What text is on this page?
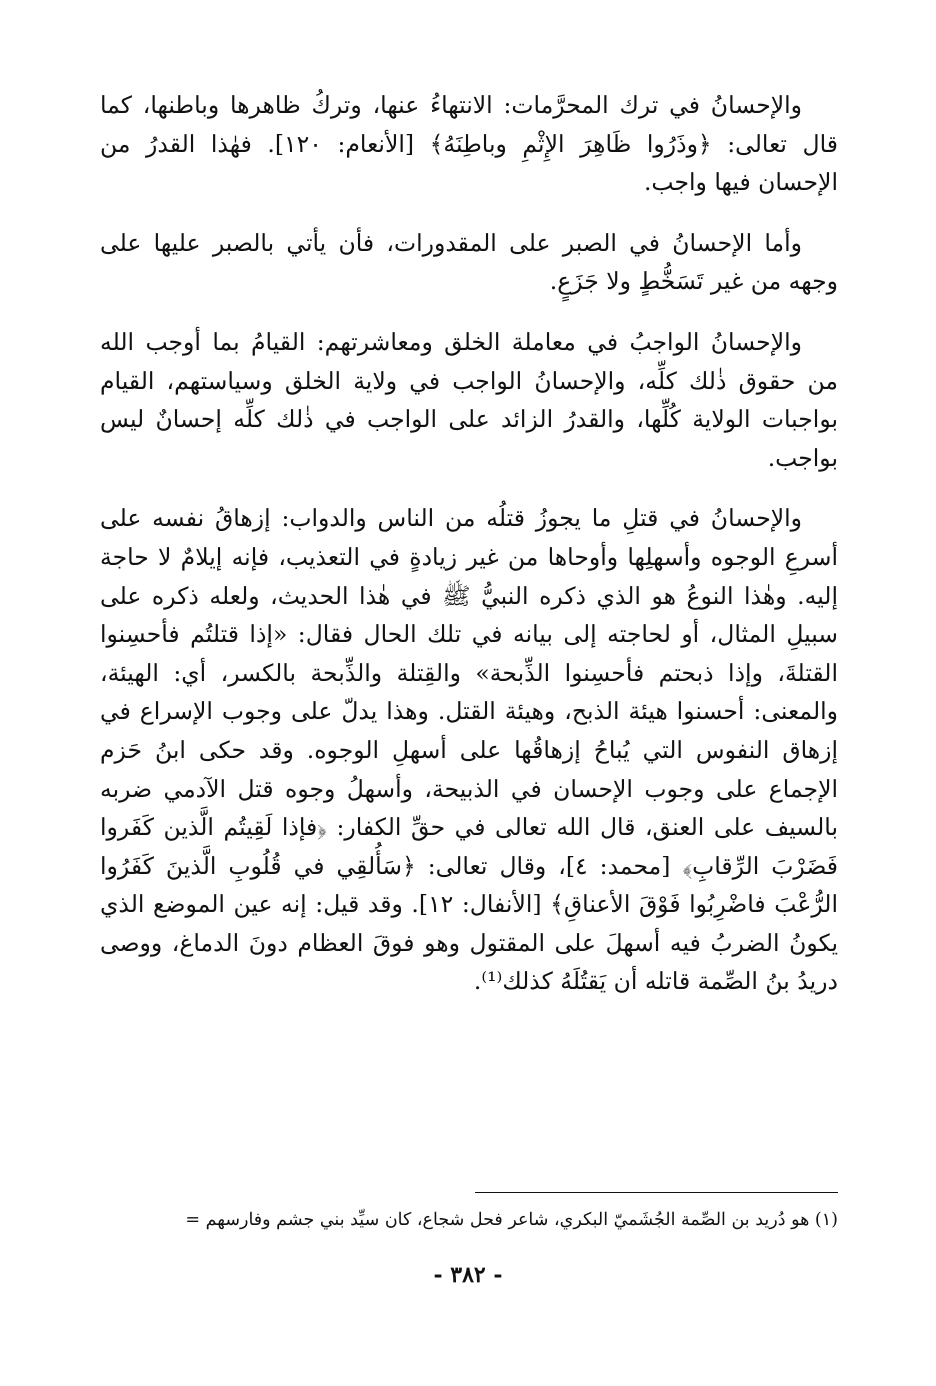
والإحسانُ في ترك المحرَّمات: الانتهاءُ عنها، وتركُ ظاهرها وباطنها، كما قال تعالى: ﴿وذَرُوا ظَاهِرَ الإِثْمِ وباطِنَهُ﴾ [الأنعام: ١٢٠]. فهٰذا القدرُ من الإحسان فيها واجب.

وأما الإحسانُ في الصبر على المقدورات، فأن يأتي بالصبر عليها على وجهه من غير تَسَخُّطٍ ولا جَزَعٍ.

والإحسانُ الواجبُ في معاملة الخلق ومعاشرتهم: القيامُ بما أوجب الله من حقوق ذٰلك كلِّه، والإحسانُ الواجب في ولاية الخلق وسياستهم، القيام بواجبات الولاية كُلِّها، والقدرُ الزائد على الواجب في ذٰلك كلِّه إحسانٌ ليس بواجب.

والإحسانُ في قتلِ ما يجوزُ قتلُه من الناس والدواب: إزهاقُ نفسه على أسرعِ الوجوه وأسهلِها وأوحاها من غير زيادةٍ في التعذيب، فإنه إيلامٌ لا حاجة إليه. وهٰذا النوعُ هو الذي ذكره النبيُّ ﷺ في هٰذا الحديث، ولعله ذكره على سبيلِ المثال، أو لحاجته إلى بيانه في تلك الحال فقال: «إذا قتلتُم فأحسِنوا القتلةَ، وإذا ذبحتم فأحسِنوا الذِّبحة» والقِتلة والذِّبحة بالكسر، أي: الهيئة، والمعنى: أحسنوا هيئة الذبح، وهيئة القتل. وهذا يدلّ على وجوب الإسراع في إزهاق النفوس التي يُباحُ إزهاقُها على أسهلِ الوجوه. وقد حكى ابنُ حَزم الإجماع على وجوب الإحسان في الذبيحة، وأسهلُ وجوه قتل الآدمي ضربه بالسيف على العنق، قال الله تعالى في حقِّ الكفار: ﴿فإذا لَقِيتُم الَّذين كَفَروا فَضَرْبَ الرِّقابِ﴾ [محمد: ٤]، وقال تعالى: ﴿سَأُلقِي في قُلُوبِ الَّذينَ كَفَرُوا الرُّعْبَ فاضْرِبُوا فَوْقَ الأعناقِ﴾ [الأنفال: ١٢]. وقد قيل: إنه عين الموضع الذي يكونُ الضربُ فيه أسهلَ على المقتول وهو فوقَ العظام دونَ الدماغ، ووصى دريدُ بنُ الصِّمة قاتله أن يَقتُلَهُ كذلك⁽¹⁾.

(١) هو دُريد بن الصِّمة الجُشَميّ البكري، شاعر فحل شجاع، كان سيِّد بني جشم وفارسهم =
- ٣٨٢ -
